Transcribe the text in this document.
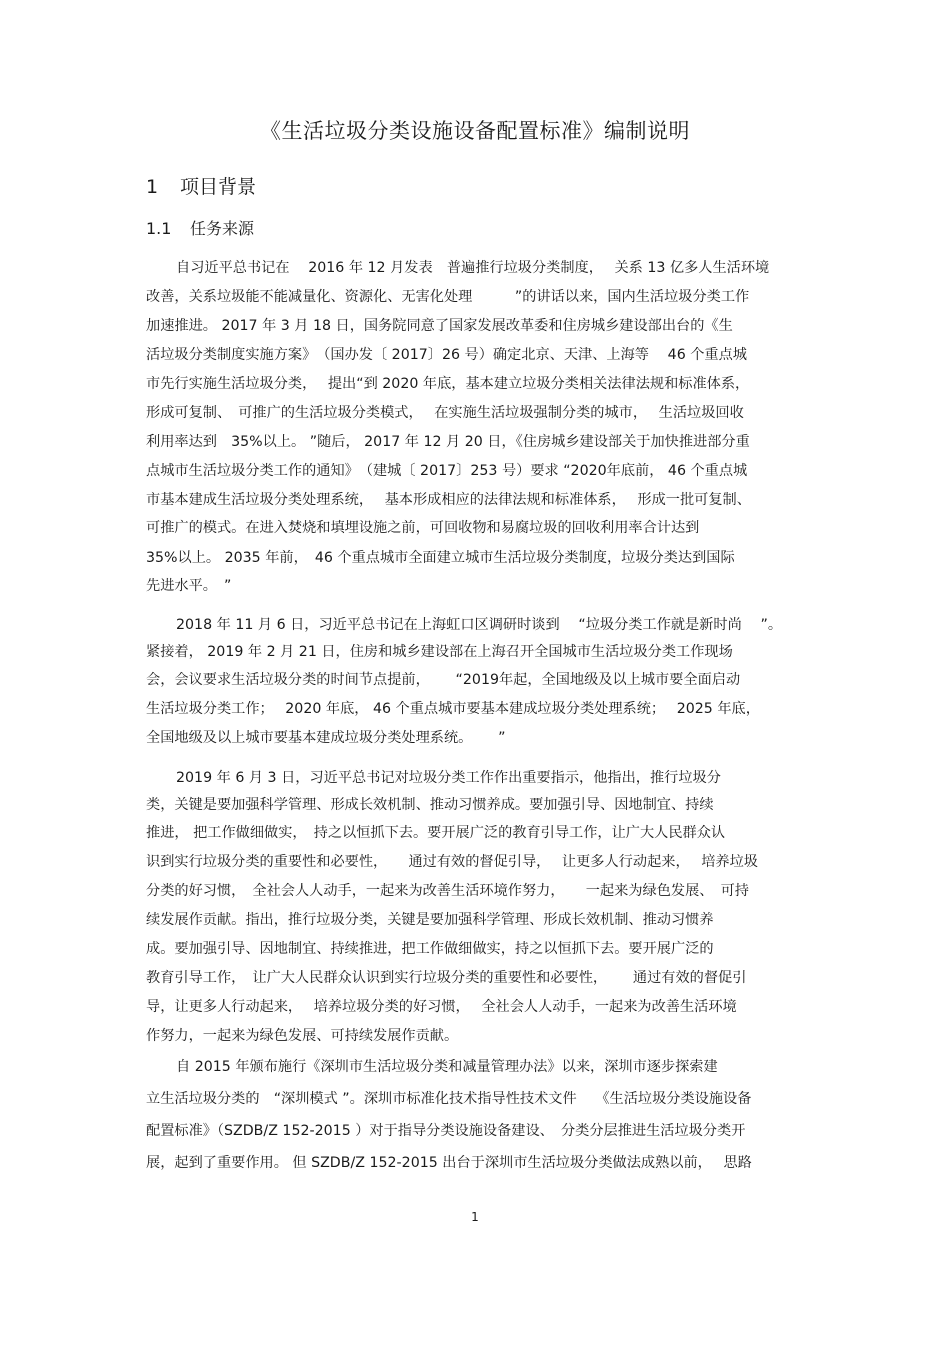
《生活垃圾分类设施设备配置标准》编制说明
1 项目背景
1.1 任务来源
自习近平总书记在　 2016 年 12 月发表　普遍推行垃圾分类制度，　 关系 13 亿多人生活环境
改善，关系垃圾能不能减量化、资源化、无害化处理　　　”的讲话以来，国内生活垃圾分类工作
加速推进。 2017 年 3 月 18 日，国务院同意了国家发展改革委和住房城乡建设部出台的《生
活垃圾分类制度实施方案》　（国办发〔 2017〕26 号）确定北京、天津、上海等　 46 个重点城
市先行实施生活垃圾分类，　 提出“到 2020 年底，基本建立垃圾分类相关法律法规和标准体系，
形成可复制、　可推广的生活垃圾分类模式，　 在实施生活垃圾强制分类的城市，　 生活垃圾回收
利用率达到　35%以上。 ”随后， 2017 年 12 月 20 日，《住房城乡建设部关于加快推进部分重
点城市生活垃圾分类工作的通知》　（建城〔 2017〕253 号）要求 “2020年底前， 46 个重点城
市基本建成生活垃圾分类处理系统，　 基本形成相应的法律法规和标准体系，　 形成一批可复制、
可推广的模式。在进入焚烧和填埋设施之前，可回收物和易腐垃圾的回收利用率合计达到
35%以上。 2035 年前，　46 个重点城市全面建立城市生活垃圾分类制度，垃圾分类达到国际
先进水平。　”
2018 年 11 月 6 日，习近平总书记在上海虹口区调研时谈到　 “垃圾分类工作就是新时尚　 ”。
紧接着， 2019 年 2 月 21 日，住房和城乡建设部在上海召开全国城市生活垃圾分类工作现场
会，会议要求生活垃圾分类的时间节点提前，　　 “2019年起，全国地级及以上城市要全面启动
生活垃圾分类工作；　 2020 年底， 46 个重点城市要基本建成垃圾分类处理系统；　 2025 年底，
全国地级及以上城市要基本建成垃圾分类处理系统。　　 ”
2019 年 6 月 3 日，习近平总书记对垃圾分类工作作出重要指示，他指出，推行垃圾分
类，关键是要加强科学管理、形成长效机制、推动习惯养成。要加强引导、因地制宜、持续
推进， 把工作做细做实，　持之以恒抓下去。要开展广泛的教育引导工作，让广大人民群众认
识到实行垃圾分类的重要性和必要性，　　通过有效的督促引导，　 让更多人行动起来，　 培养垃圾
分类的好习惯，　全社会人人动手，一起来为改善生活环境作努力，　　一起来为绿色发展、　可持
续发展作贡献。指出，推行垃圾分类，关键是要加强科学管理、形成长效机制、推动习惯养
成。要加强引导、因地制宜、持续推进，把工作做细做实，持之以恒抓下去。要开展广泛的
教育引导工作，　让广大人民群众认识到实行垃圾分类的重要性和必要性，　　 通过有效的督促引
导，让更多人行动起来，　 培养垃圾分类的好习惯，　 全社会人人动手，一起来为改善生活环境
作努力，一起来为绿色发展、可持续发展作贡献。
自 2015 年颁布施行《深圳市生活垃圾分类和减量管理办法》以来，深圳市逐步探索建
立生活垃圾分类的　“深圳模式 ”。深圳市标准化技术指导性技术文件　 《生活垃圾分类设施设备
配置标准》（SZDB/Z 152-2015 ）对于指导分类设施设备建设、　分类分层推进生活垃圾分类开
展，起到了重要作用。 但 SZDB/Z 152-2015 出台于深圳市生活垃圾分类做法成熟以前，　 思路
1
